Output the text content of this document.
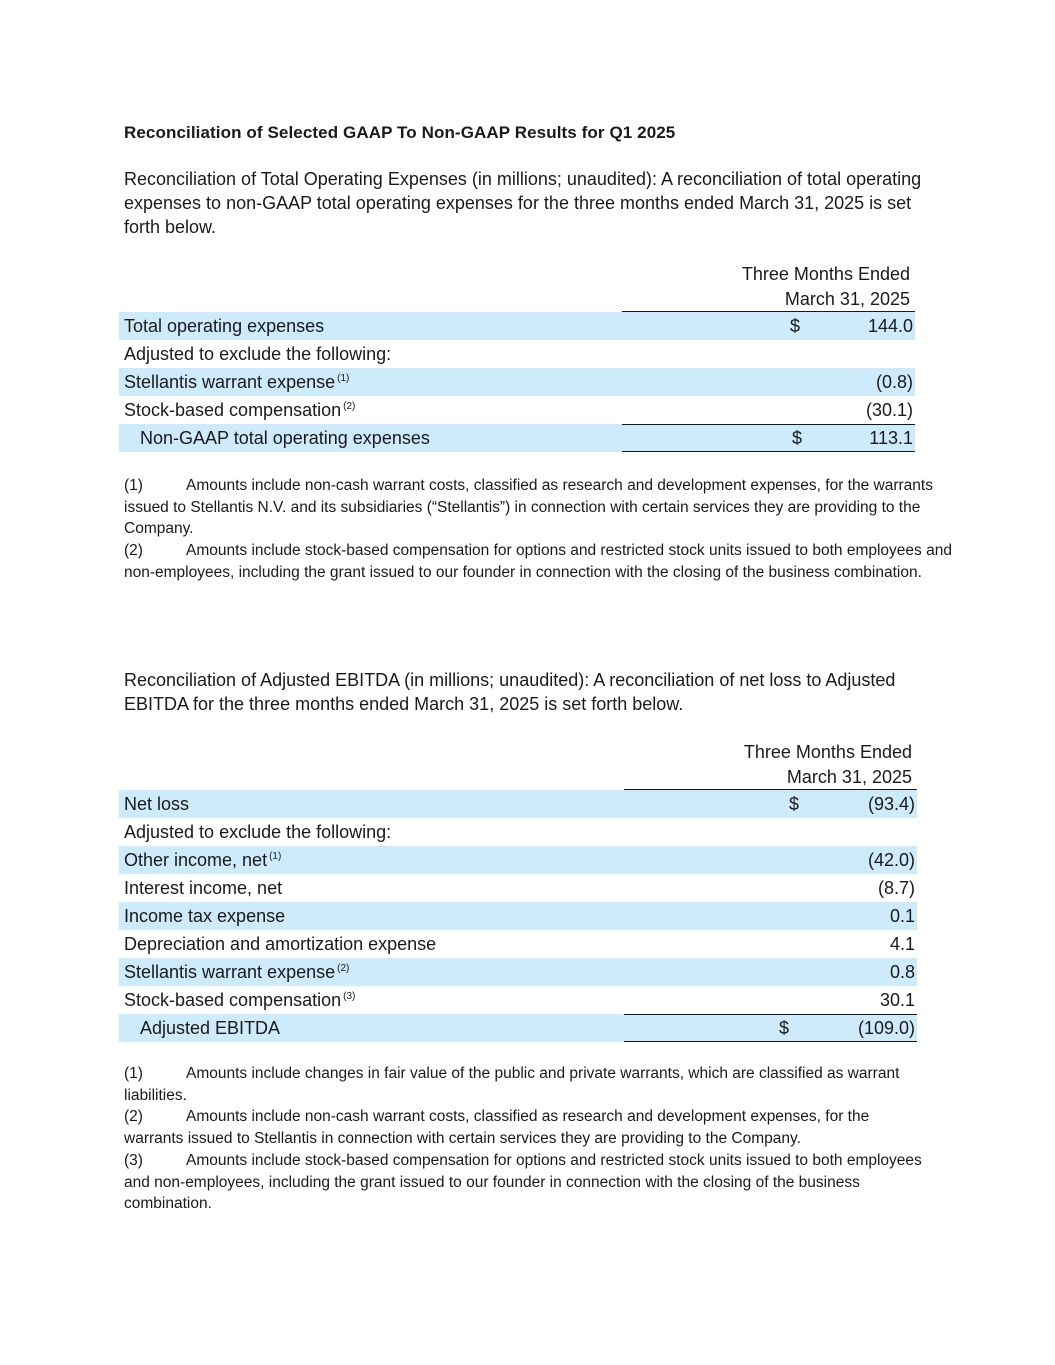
Reconciliation of Selected GAAP To Non-GAAP Results for Q1 2025
Reconciliation of Total Operating Expenses (in millions; unaudited): A reconciliation of total operating expenses to non-GAAP total operating expenses for the three months ended March 31, 2025 is set forth below.
Three Months Ended
March 31, 2025
Total operating expenses	$	144.0
Adjusted to exclude the following:
Stellantis warrant expense $^{(1)}$	(0.8)
Stock-based compensation $^{(2)}$	(30.1)
Non-GAAP total operating expenses	$	113.1
(1)	Amounts include non-cash warrant costs, classified as research and development expenses, for the warrants issued to Stellantis N.V. and its subsidiaries (“Stellantis”) in connection with certain services they are providing to the Company.
(2)	Amounts include stock-based compensation for options and restricted stock units issued to both employees and non-employees, including the grant issued to our founder in connection with the closing of the business combination.
Reconciliation of Adjusted EBITDA (in millions; unaudited): A reconciliation of net loss to Adjusted EBITDA for the three months ended March 31, 2025 is set forth below.
Three Months Ended
March 31, 2025
Net loss	$	(93.4)
Adjusted to exclude the following:
Other income, net $^{(1)}$	(42.0)
Interest income, net	(8.7)
Income tax expense	0.1
Depreciation and amortization expense	4.1
Stellantis warrant expense $^{(2)}$	0.8
Stock-based compensation $^{(3)}$	30.1
Adjusted EBITDA	$	(109.0)
(1)	Amounts include changes in fair value of the public and private warrants, which are classified as warrant liabilities.
(2)	Amounts include non-cash warrant costs, classified as research and development expenses, for the warrants issued to Stellantis in connection with certain services they are providing to the Company.
(3)	Amounts include stock-based compensation for options and restricted stock units issued to both employees and non-employees, including the grant issued to our founder in connection with the closing of the business combination.
